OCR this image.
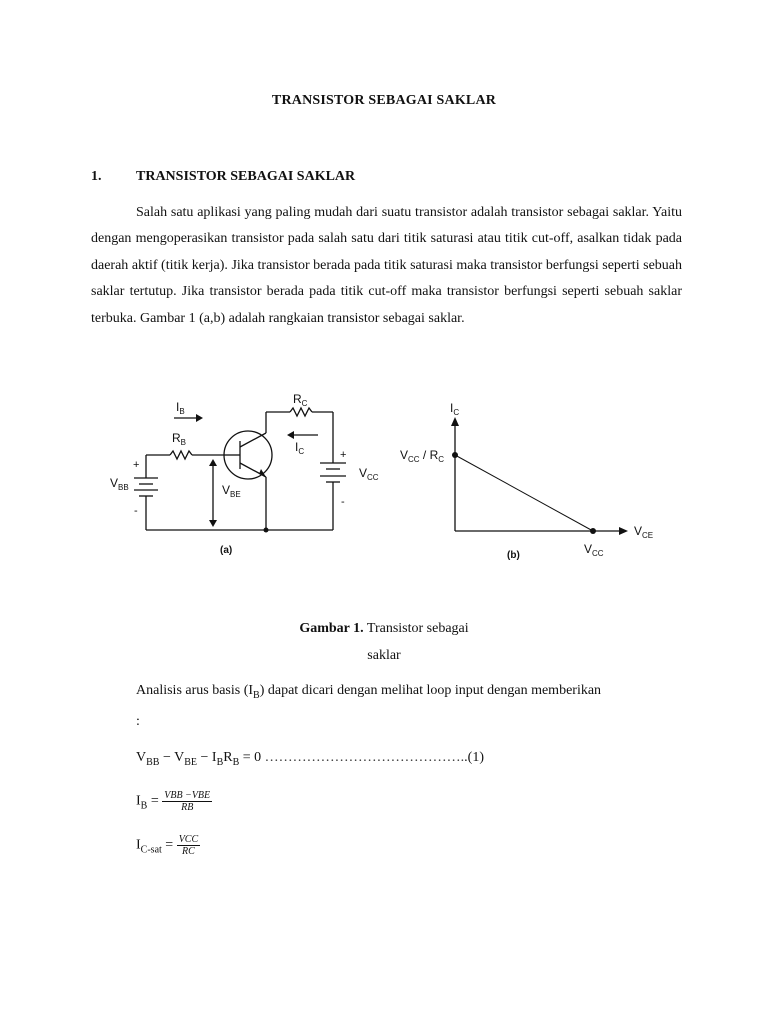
TRANSISTOR SEBAGAI SAKLAR
1. TRANSISTOR SEBAGAI SAKLAR

Salah satu aplikasi yang paling mudah dari suatu transistor adalah transistor sebagai saklar. Yaitu dengan mengoperasikan transistor pada salah satu dari titik saturasi atau titik cut-off, asalkan tidak pada daerah aktif (titik kerja). Jika transistor berada pada titik saturasi maka transistor berfungsi seperti sebuah saklar tertutup. Jika transistor berada pada titik cut-off maka transistor berfungsi seperti sebuah saklar terbuka. Gambar 1 (a,b) adalah rangkaian transistor sebagai saklar.

$I_B$
$R_B$
$R_C$
$I_C$
$V_{BB}$	$V_{BE}$
$V_{CC}$
+
-
+
-
(a)
$I_C$
$V_{CC} / R_C$
$V_{CE}$
$V_{CC}$
(b)
Gambar 1. Transistor sebagai
saklar
Analisis arus basis $(I_B)$ dapat dicari dengan melihat loop input dengan memberikan
:
$V_{BB} - V_{BE} - I_BR_B = 0$ ……………………………………..(1)
$I_B = \frac{\text{VBB −VBE}}{RB}$
$I_{C-sat} = \frac{\text{VCC}}{RC}$
